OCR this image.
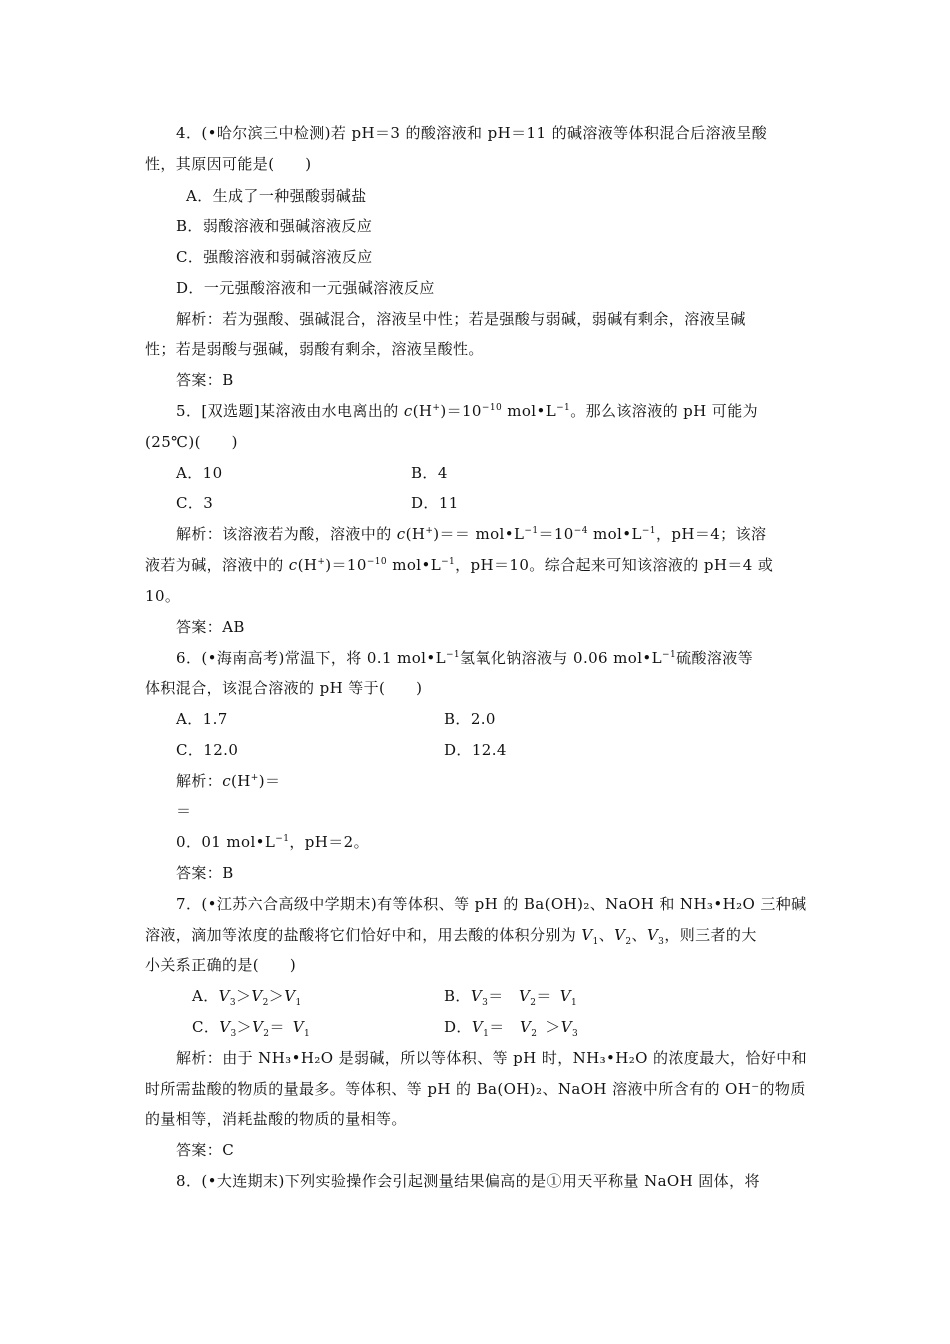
4．(•哈尔滨三中检测)若 pH＝3 的酸溶液和 pH＝11 的碱溶液等体积混合后溶液呈酸
性，其原因可能是(　　)
A．生成了一种强酸弱碱盐
B．弱酸溶液和强碱溶液反应
C．强酸溶液和弱碱溶液反应
D．一元强酸溶液和一元强碱溶液反应
解析：若为强酸、强碱混合，溶液呈中性；若是强酸与弱碱，弱碱有剩余，溶液呈碱
性；若是弱酸与强碱，弱酸有剩余，溶液呈酸性。
答案：B
5．[双选题]某溶液由水电离出的 $c(H^+)=10^{-10}$ $mol•L^{-1}$。那么该溶液的 pH 可能为
(25℃)(　　)
A．10	B．4
C．3	D．11
解析：该溶液若为酸，溶液中的 $c(H^+)== mol•L^{-1}=10^{-4}$ $mol•L^{-1}$，pH＝4；该溶
液若为碱，溶液中的 $c(H^+)=10^{-10}$ $mol•L^{-1}$，pH＝10。综合起来可知该溶液的 pH＝4 或
10。
答案：AB
6．(•海南高考)常温下，将 0.1 $mol•L^{-1}$氢氧化钠溶液与 0.06 $mol•L^{-1}$硫酸溶液等
体积混合，该混合溶液的 pH 等于(　　)
A．1.7	B．2.0
C．12.0	D．12.4
解析：c(H+)＝
＝
0．01 $mol•L^{-1}$，pH＝2。
答案：B
7．(•江苏六合高级中学期末)有等体积、等 pH 的 Ba(OH)₂、NaOH 和 NH₃•H₂O 三种碱
溶液，滴加等浓度的盐酸将它们恰好中和，用去酸的体积分别为 $V_1$、$V_2$、$V_3$，则三者的大
小关系正确的是(　　)
A．$V_3>V_2>V_1$	B．$V_3=$  $V_2=$  $V_1$
C．$V_3>V_2=$  $V_1$	D．$V_1=$  $V_2$  $>V_3$
解析：由于 NH₃•H₂O 是弱碱，所以等体积、等 pH 时，NH₃•H₂O 的浓度最大，恰好中和
时所需盐酸的物质的量最多。等体积、等 pH 的 Ba(OH)₂、NaOH 溶液中所含有的 OH⁻的物质
的量相等，消耗盐酸的物质的量相等。
答案：C
8．(•大连期末)下列实验操作会引起测量结果偏高的是①用天平称量 NaOH 固体，将
